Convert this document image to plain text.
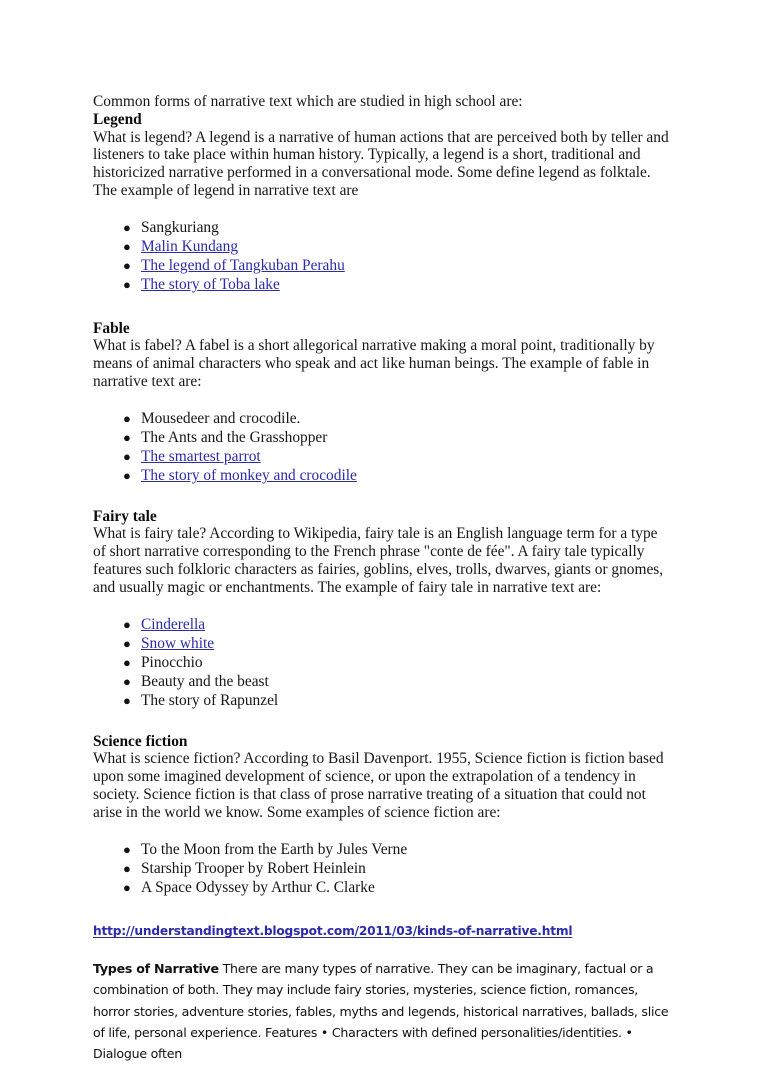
Common forms of narrative text which are studied in high school are:

Legend

What is legend? A legend is a narrative of human actions that are perceived both by teller and listeners to take place within human history. Typically, a legend is a short, traditional and historicized narrative performed in a conversational mode. Some define legend as folktale. The example of legend in narrative text are

● Sangkuriang
● Malin Kundang
● The legend of Tangkuban Perahu
● The story of Toba lake
Fable

What is fabel? A fabel is a short allegorical narrative making a moral point, traditionally by means of animal characters who speak and act like human beings. The example of fable in narrative text are:

● Mousedeer and crocodile.
● The Ants and the Grasshopper
● The smartest parrot
● The story of monkey and crocodile
Fairy tale

What is fairy tale? According to Wikipedia, fairy tale is an English language term for a type of short narrative corresponding to the French phrase "conte de fée". A fairy tale typically features such folkloric characters as fairies, goblins, elves, trolls, dwarves, giants or gnomes, and usually magic or enchantments. The example of fairy tale in narrative text are:

● Cinderella
● Snow white
● Pinocchio
● Beauty and the beast
● The story of Rapunzel
Science fiction

What is science fiction? According to Basil Davenport. 1955, Science fiction is fiction based upon some imagined development of science, or upon the extrapolation of a tendency in society. Science fiction is that class of prose narrative treating of a situation that could not arise in the world we know. Some examples of science fiction are:

● To the Moon from the Earth by Jules Verne
● Starship Trooper by Robert Heinlein
● A Space Odyssey by Arthur C. Clarke
http://understandingtext.blogspot.com/2011/03/kinds-of-narrative.html

Types of Narrative There are many types of narrative. They can be imaginary, factual or a combination of both. They may include fairy stories, mysteries, science fiction, romances, horror stories, adventure stories, fables, myths and legends, historical narratives, ballads, slice of life, personal experience. Features • Characters with defined personalities/identities. • Dialogue often
